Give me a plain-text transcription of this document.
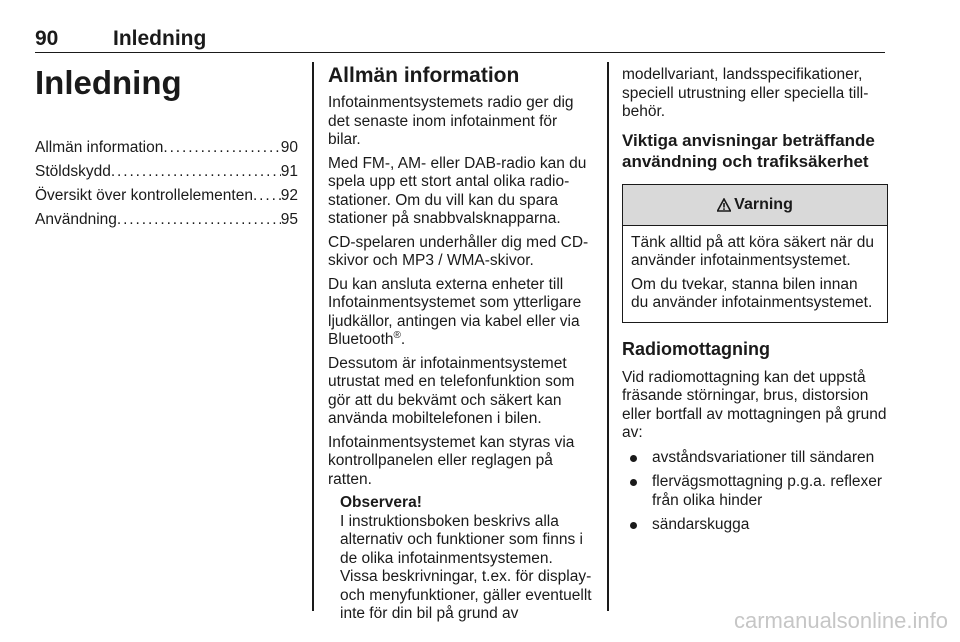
90	Inledning
Inledning
Allmän information . . .	90
Stöldskydd . . .	91
Översikt över kontrollelementen . . . 92
Användning . . .	95
Allmän information

Infotainmentsystemets radio ger dig det senaste inom infotainment för bilar.

Med FM-, AM- eller DAB-radio kan du spela upp ett stort antal olika radiostationer. Om du vill kan du spara stationer på snabbvalsknapparna.

CD-spelaren underhåller dig med CD-skivor och MP3 / WMA-skivor.

Du kan ansluta externa enheter till Infotainmentsystemet som ytterligare ljudkällor, antingen via kabel eller via Bluetooth®.

Dessutom är infotainmentsystemet utrustat med en telefonfunktion som gör att du bekvämt och säkert kan använda mobiltelefonen i bilen.

Infotainmentsystemet kan styras via kontrollpanelen eller reglagen på ratten.

Observera!

I instruktionsboken beskrivs alla alternativ och funktioner som finns i de olika infotainmentsystemen. Vissa beskrivningar, t.ex. för display- och menyfunktioner, gäller eventuellt inte för din bil på grund av

modellvariant, landsspecifikationer, speciell utrustning eller speciella tillbehör.

Viktiga anvisningar beträffande användning och trafiksäkerhet
Varning

Tänk alltid på att köra säkert när du använder infotainmentsystemet.

Om du tvekar, stanna bilen innan du använder infotainmentsystemet.

Radiomottagning

Vid radiomottagning kan det uppstå fräsande störningar, brus, distorsion eller bortfall av mottagningen på grund av:

avståndsvariationer till sändaren
flervägsmottagning p.g.a. reflexer från olika hinder
sändarskugga
carmanualsonline.info
